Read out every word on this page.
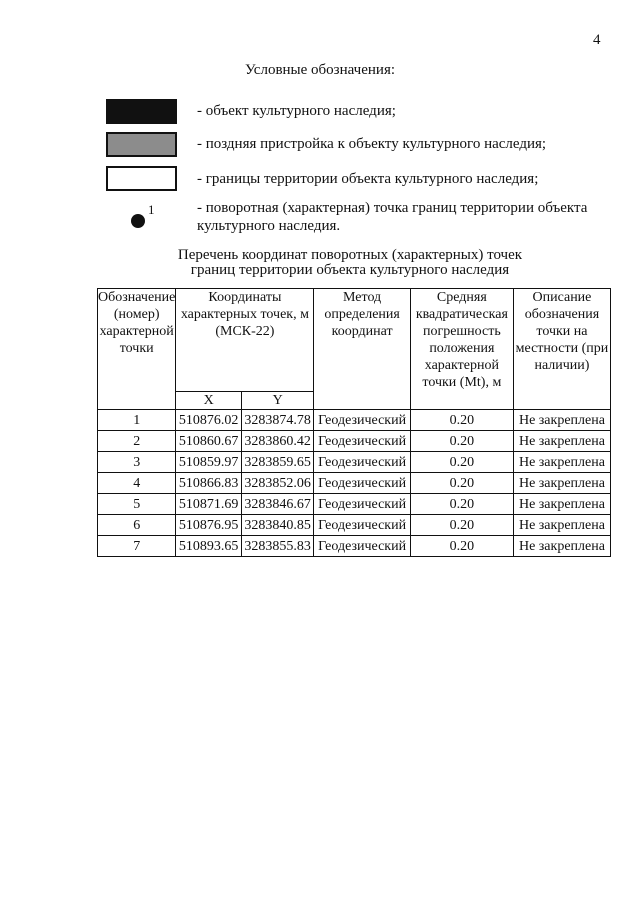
4
Условные обозначения:
- объект культурного наследия;
- поздняя пристройка к объекту культурного наследия;
- границы территории объекта культурного наследия;
1	- поворотная (характерная) точка границ территории объекта культурного наследия.
Перечень координат поворотных (характерных) точек
границ территории объекта культурного наследия
Обозначение (номер) характерной точки	Координаты характерных точек, м (МСК-22)		Метод определения координат	Средняя квадратическая погрешность положения характерной точки (Mt), м	Описание обозначения точки на местности (при наличии)
	X	Y			
1	510876.02	3283874.78	Геодезический	0.20	Не закреплена
2	510860.67	3283860.42	Геодезический	0.20	Не закреплена
3	510859.97	3283859.65	Геодезический	0.20	Не закреплена
4	510866.83	3283852.06	Геодезический	0.20	Не закреплена
5	510871.69	3283846.67	Геодезический	0.20	Не закреплена
6	510876.95	3283840.85	Геодезический	0.20	Не закреплена
7	510893.65	3283855.83	Геодезический	0.20	Не закреплена
